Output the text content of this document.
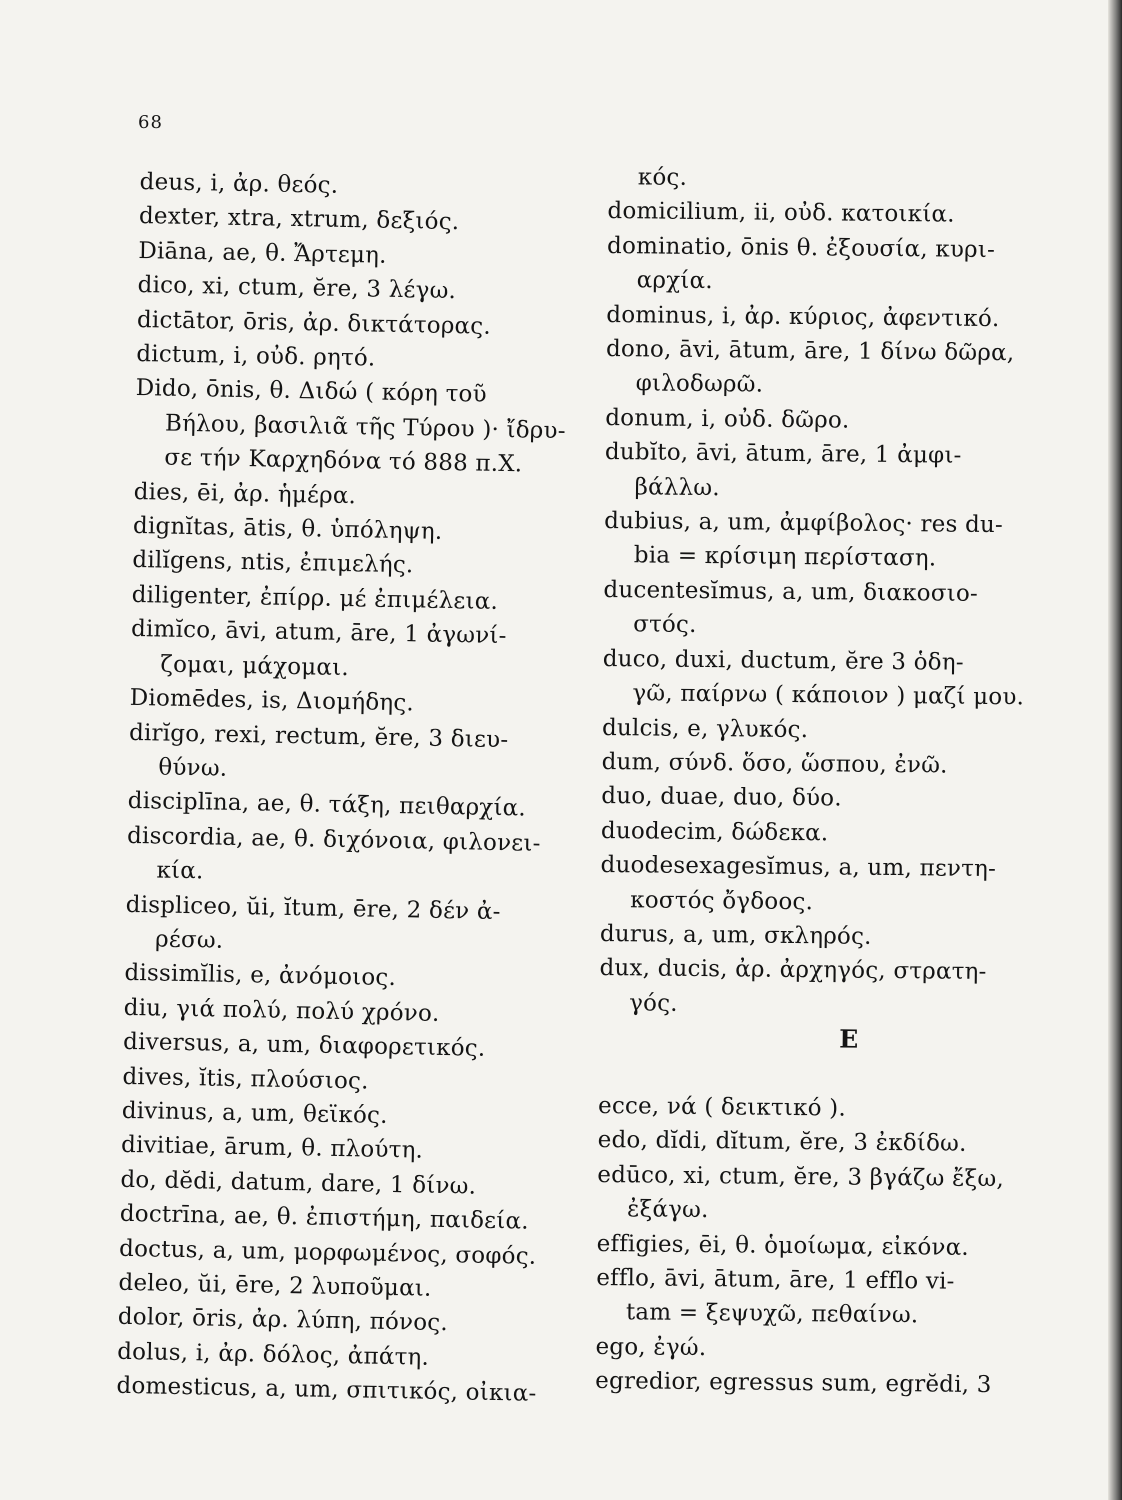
68
deus, i, ἀρ. θεός.
dexter, xtra, xtrum, δεξιός.
Diāna, ae, θ. Ἄρτεμη.
dico, xi, ctum, ĕre, 3 λέγω.
dictātor, ōris, ἀρ. δικτάτορας.
dictum, i, οὐδ. ρητό.
Dido, ōnis, θ. Διδώ ( κόρη τοῦ
Βήλου, βασιλιᾶ τῆς Τύρου )· ἴδρυ-
σε τήν Καρχηδόνα τό 888 π.Χ.
dies, ēi, ἀρ. ἡμέρα.
dignĭtas, ātis, θ. ὑπόληψη.
dilĭgens, ntis, ἐπιμελής.
diligenter, ἐπίρρ. μέ ἐπιμέλεια.
dimĭco, āvi, atum, āre, 1 ἀγωνί-
ζομαι, μάχομαι.
Diomēdes, is, Διομήδης.
dirĭgo, rexi, rectum, ĕre, 3 διευ-
θύνω.
disciplīna, ae, θ. τάξη, πειθαρχία.
discordia, ae, θ. διχόνοια, φιλονει-
κία.
displiceo, ŭi, ĭtum, ēre, 2 δέν ἀ-
ρέσω.
dissimĭlis, e, ἀνόμοιος.
diu, γιά πολύ, πολύ χρόνο.
diversus, a, um, διαφορετικός.
dives, ĭtis, πλούσιος.
divinus, a, um, θεϊκός.
divitiae, ārum, θ. πλούτη.
do, dĕdi, datum, dare, 1 δίνω.
doctrīna, ae, θ. ἐπιστήμη, παιδεία.
doctus, a, um, μορφωμένος, σοφός.
deleo, ŭi, ēre, 2 λυποῦμαι.
dolor, ōris, ἀρ. λύπη, πόνος.
dolus, i, ἀρ. δόλος, ἀπάτη.
domesticus, a, um, σπιτικός, οἰκια-
κός.
domicilium, ii, οὐδ. κατοικία.
dominatio, ōnis θ. ἐξουσία, κυρι-
αρχία.
dominus, i, ἀρ. κύριος, ἀφεντικό.
dono, āvi, ātum, āre, 1 δίνω δῶρα,
φιλοδωρῶ.
donum, i, οὐδ. δῶρο.
dubĭto, āvi, ātum, āre, 1 ἀμφι-
βάλλω.
dubius, a, um, ἀμφίβολος· res du-
bia = κρίσιμη περίσταση.
ducentesĭmus, a, um, διακοσιο-
στός.
duco, duxi, ductum, ĕre 3 ὁδη-
γῶ, παίρνω ( κάποιον ) μαζί μου.
dulcis, e, γλυκός.
dum, σύνδ. ὅσο, ὥσπου, ἐνῶ.
duo, duae, duo, δύο.
duodecim, δώδεκα.
duodesexagesĭmus, a, um, πεντη-
κοστός ὄγδοος.
durus, a, um, σκληρός.
dux, ducis, ἀρ. ἀρχηγός, στρατη-
γός.
E
ecce, νά ( δεικτικό ).
edo, dĭdi, dĭtum, ĕre, 3 ἐκδίδω.
edūco, xi, ctum, ĕre, 3 βγάζω ἔξω,
ἐξάγω.
effigies, ēi, θ. ὁμοίωμα, εἰκόνα.
efflo, āvi, ātum, āre, 1 efflo vi-
tam = ξεψυχῶ, πεθαίνω.
ego, ἐγώ.
egredior, egressus sum, egrĕdi, 3
